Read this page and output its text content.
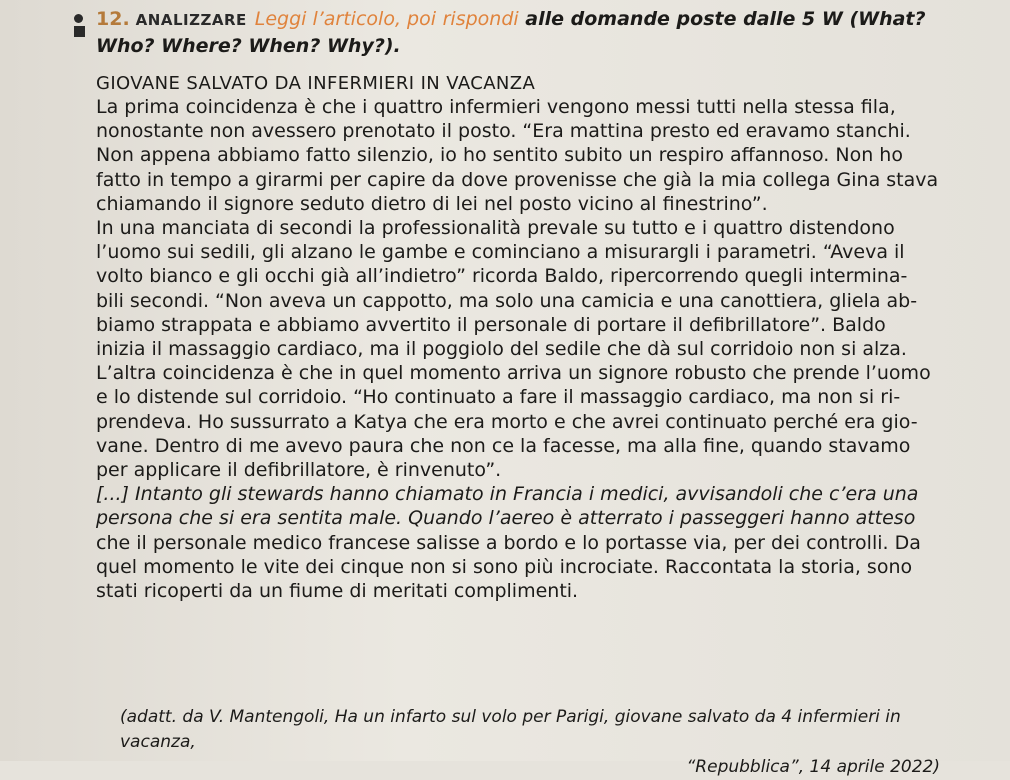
12. ANALIZZARE Leggi l’articolo, poi rispondi alle domande poste dalle 5 W (What?
Who? Where? When? Why?).
GIOVANE SALVATO DA INFERMIERI IN VACANZA
La prima coincidenza è che i quattro infermieri vengono messi tutti nella stessa fila,
nonostante non avessero prenotato il posto. “Era mattina presto ed eravamo stanchi.
Non appena abbiamo fatto silenzio, io ho sentito subito un respiro affannoso. Non ho
fatto in tempo a girarmi per capire da dove provenisse che già la mia collega Gina stava
chiamando il signore seduto dietro di lei nel posto vicino al finestrino”.
In una manciata di secondi la professionalità prevale su tutto e i quattro distendono
l’uomo sui sedili, gli alzano le gambe e cominciano a misurargli i parametri. “Aveva il
volto bianco e gli occhi già all’indietro” ricorda Baldo, ripercorrendo quegli intermina-
bili secondi. “Non aveva un cappotto, ma solo una camicia e una canottiera, gliela ab-
biamo strappata e abbiamo avvertito il personale di portare il defibrillatore”. Baldo
inizia il massaggio cardiaco, ma il poggiolo del sedile che dà sul corridoio non si alza.
L’altra coincidenza è che in quel momento arriva un signore robusto che prende l’uomo
e lo distende sul corridoio. “Ho continuato a fare il massaggio cardiaco, ma non si ri-
prendeva. Ho sussurrato a Katya che era morto e che avrei continuato perché era gio-
vane. Dentro di me avevo paura che non ce la facesse, ma alla fine, quando stavamo
per applicare il defibrillatore, è rinvenuto”.
[...] Intanto gli stewards hanno chiamato in Francia i medici, avvisandoli che c’era una
persona che si era sentita male. Quando l’aereo è atterrato i passeggeri hanno atteso
che il personale medico francese salisse a bordo e lo portasse via, per dei controlli. Da
quel momento le vite dei cinque non si sono più incrociate. Raccontata la storia, sono
stati ricoperti da un fiume di meritati complimenti.
(adatt. da V. Mantengoli, Ha un infarto sul volo per Parigi, giovane salvato da 4 infermieri in vacanza,

“Repubblica”, 14 aprile 2022)
